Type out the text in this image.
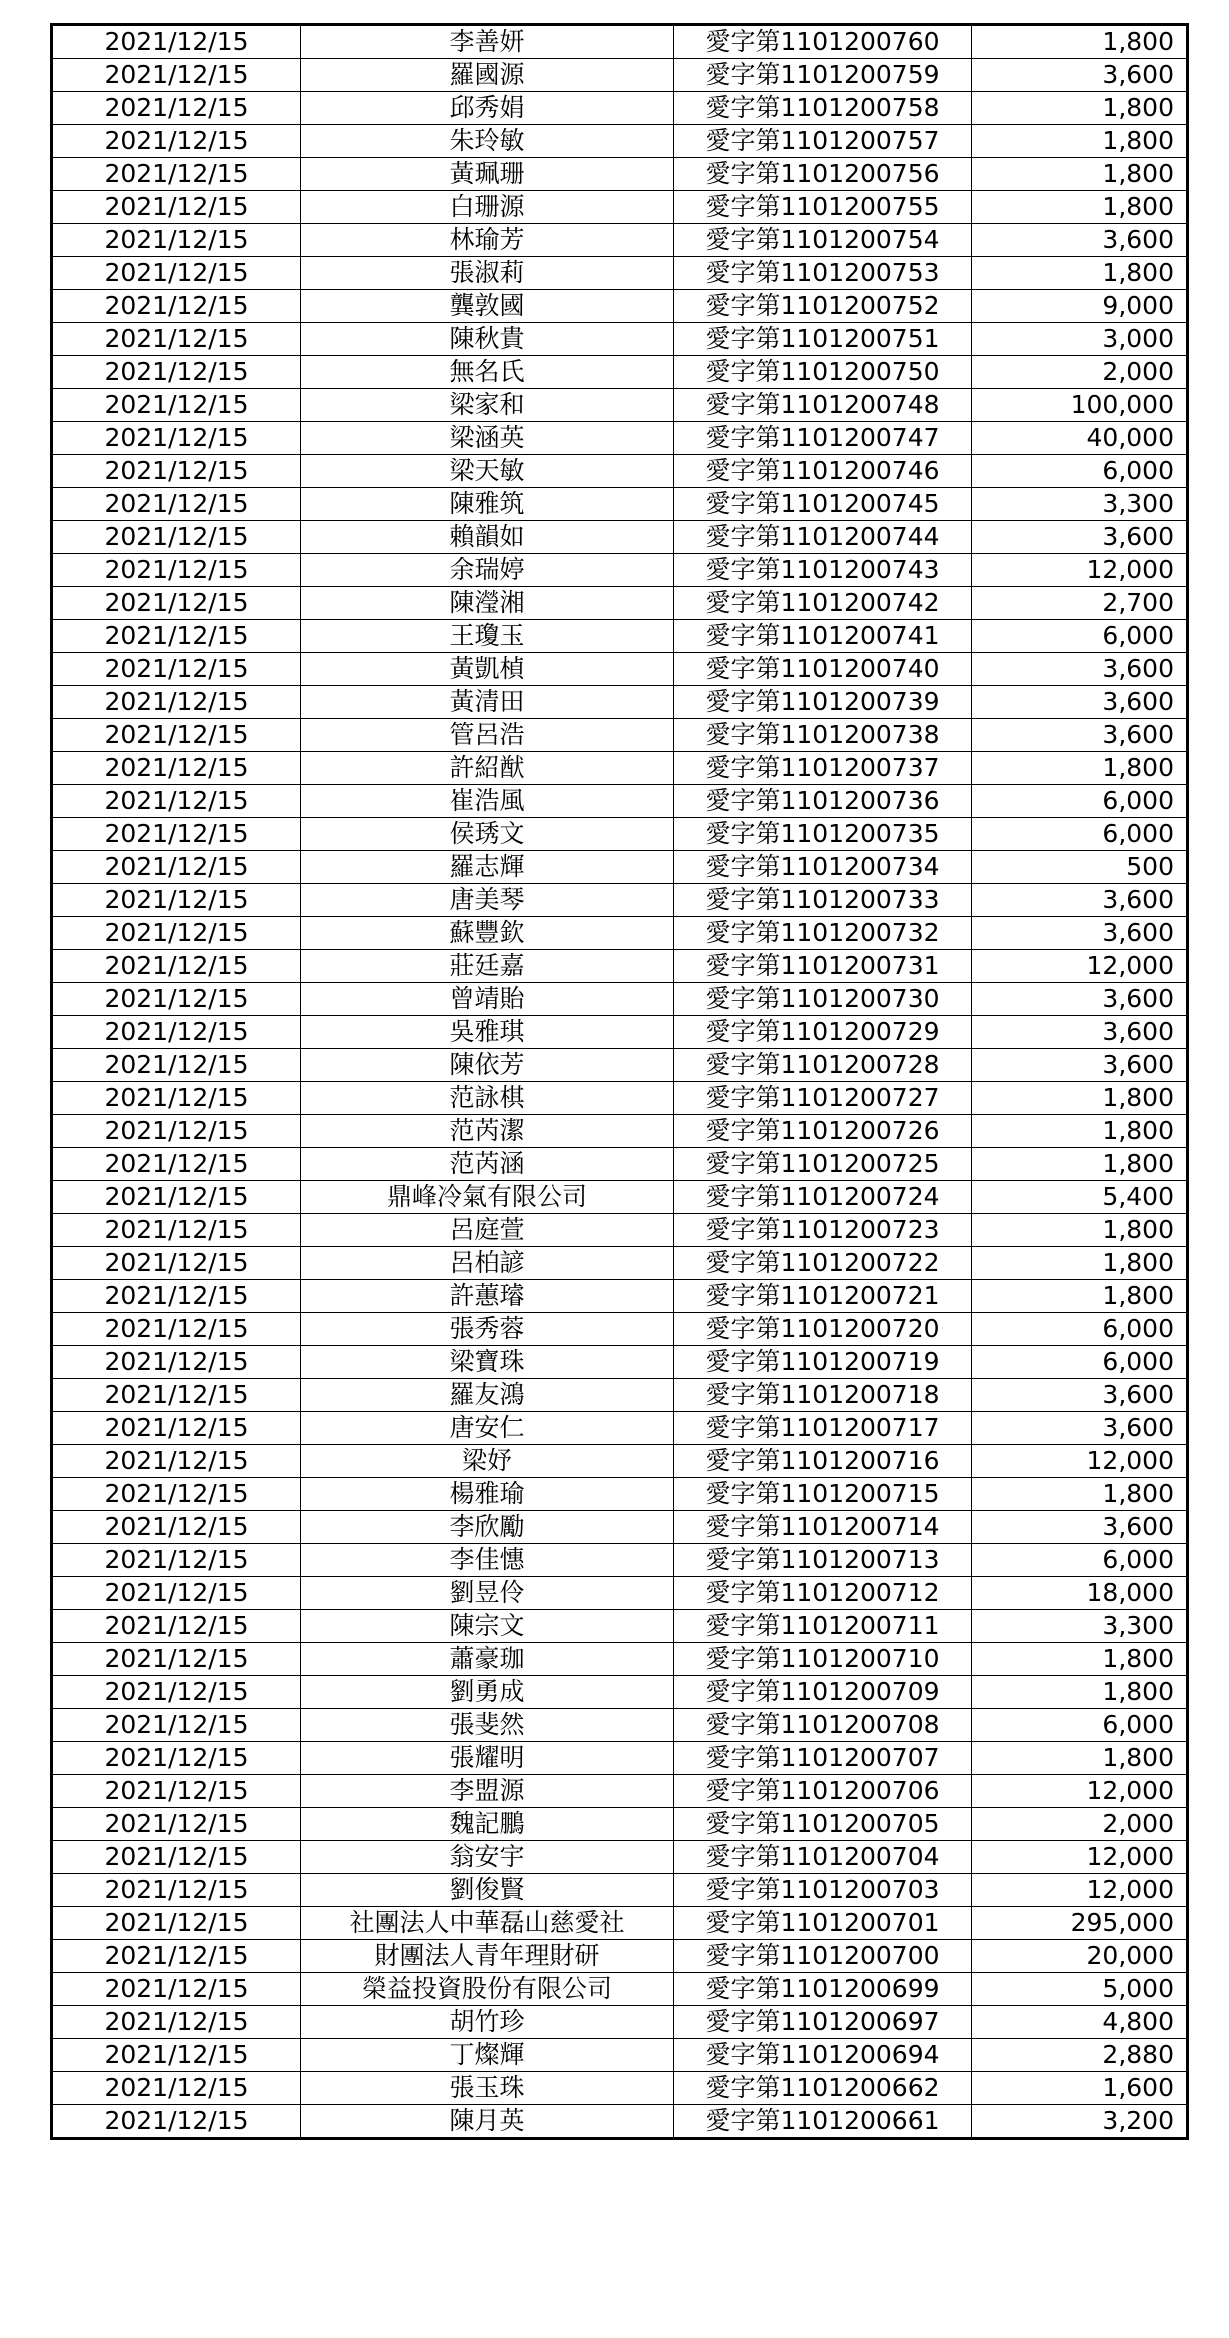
2021/12/15	李善妍	愛字第1101200760	1,800
2021/12/15	羅國源	愛字第1101200759	3,600
2021/12/15	邱秀娟	愛字第1101200758	1,800
2021/12/15	朱玲敏	愛字第1101200757	1,800
2021/12/15	黃珮珊	愛字第1101200756	1,800
2021/12/15	白珊源	愛字第1101200755	1,800
2021/12/15	林瑜芳	愛字第1101200754	3,600
2021/12/15	張淑莉	愛字第1101200753	1,800
2021/12/15	龔敦國	愛字第1101200752	9,000
2021/12/15	陳秋貴	愛字第1101200751	3,000
2021/12/15	無名氏	愛字第1101200750	2,000
2021/12/15	梁家和	愛字第1101200748	100,000
2021/12/15	梁涵英	愛字第1101200747	40,000
2021/12/15	梁天敏	愛字第1101200746	6,000
2021/12/15	陳雅筑	愛字第1101200745	3,300
2021/12/15	賴韻如	愛字第1101200744	3,600
2021/12/15	余瑞婷	愛字第1101200743	12,000
2021/12/15	陳瀅湘	愛字第1101200742	2,700
2021/12/15	王瓊玉	愛字第1101200741	6,000
2021/12/15	黃凱楨	愛字第1101200740	3,600
2021/12/15	黃清田	愛字第1101200739	3,600
2021/12/15	管呂浩	愛字第1101200738	3,600
2021/12/15	許紹猷	愛字第1101200737	1,800
2021/12/15	崔浩風	愛字第1101200736	6,000
2021/12/15	侯琇文	愛字第1101200735	6,000
2021/12/15	羅志輝	愛字第1101200734	500
2021/12/15	唐美琴	愛字第1101200733	3,600
2021/12/15	蘇豐欽	愛字第1101200732	3,600
2021/12/15	莊廷嘉	愛字第1101200731	12,000
2021/12/15	曾靖貽	愛字第1101200730	3,600
2021/12/15	吳雅琪	愛字第1101200729	3,600
2021/12/15	陳依芳	愛字第1101200728	3,600
2021/12/15	范詠棋	愛字第1101200727	1,800
2021/12/15	范芮潔	愛字第1101200726	1,800
2021/12/15	范芮涵	愛字第1101200725	1,800
2021/12/15	鼎峰冷氣有限公司	愛字第1101200724	5,400
2021/12/15	呂庭萱	愛字第1101200723	1,800
2021/12/15	呂柏諺	愛字第1101200722	1,800
2021/12/15	許蕙璿	愛字第1101200721	1,800
2021/12/15	張秀蓉	愛字第1101200720	6,000
2021/12/15	梁寶珠	愛字第1101200719	6,000
2021/12/15	羅友鴻	愛字第1101200718	3,600
2021/12/15	唐安仁	愛字第1101200717	3,600
2021/12/15	梁妤	愛字第1101200716	12,000
2021/12/15	楊雅瑜	愛字第1101200715	1,800
2021/12/15	李欣勵	愛字第1101200714	3,600
2021/12/15	李佳憓	愛字第1101200713	6,000
2021/12/15	劉昱伶	愛字第1101200712	18,000
2021/12/15	陳宗文	愛字第1101200711	3,300
2021/12/15	蕭豪珈	愛字第1101200710	1,800
2021/12/15	劉勇成	愛字第1101200709	1,800
2021/12/15	張斐然	愛字第1101200708	6,000
2021/12/15	張耀明	愛字第1101200707	1,800
2021/12/15	李盟源	愛字第1101200706	12,000
2021/12/15	魏記鵬	愛字第1101200705	2,000
2021/12/15	翁安宇	愛字第1101200704	12,000
2021/12/15	劉俊賢	愛字第1101200703	12,000
2021/12/15	社團法人中華磊山慈愛社	愛字第1101200701	295,000
2021/12/15	財團法人青年理財研	愛字第1101200700	20,000
2021/12/15	榮益投資股份有限公司	愛字第1101200699	5,000
2021/12/15	胡竹珍	愛字第1101200697	4,800
2021/12/15	丁燦輝	愛字第1101200694	2,880
2021/12/15	張玉珠	愛字第1101200662	1,600
2021/12/15	陳月英	愛字第1101200661	3,200
